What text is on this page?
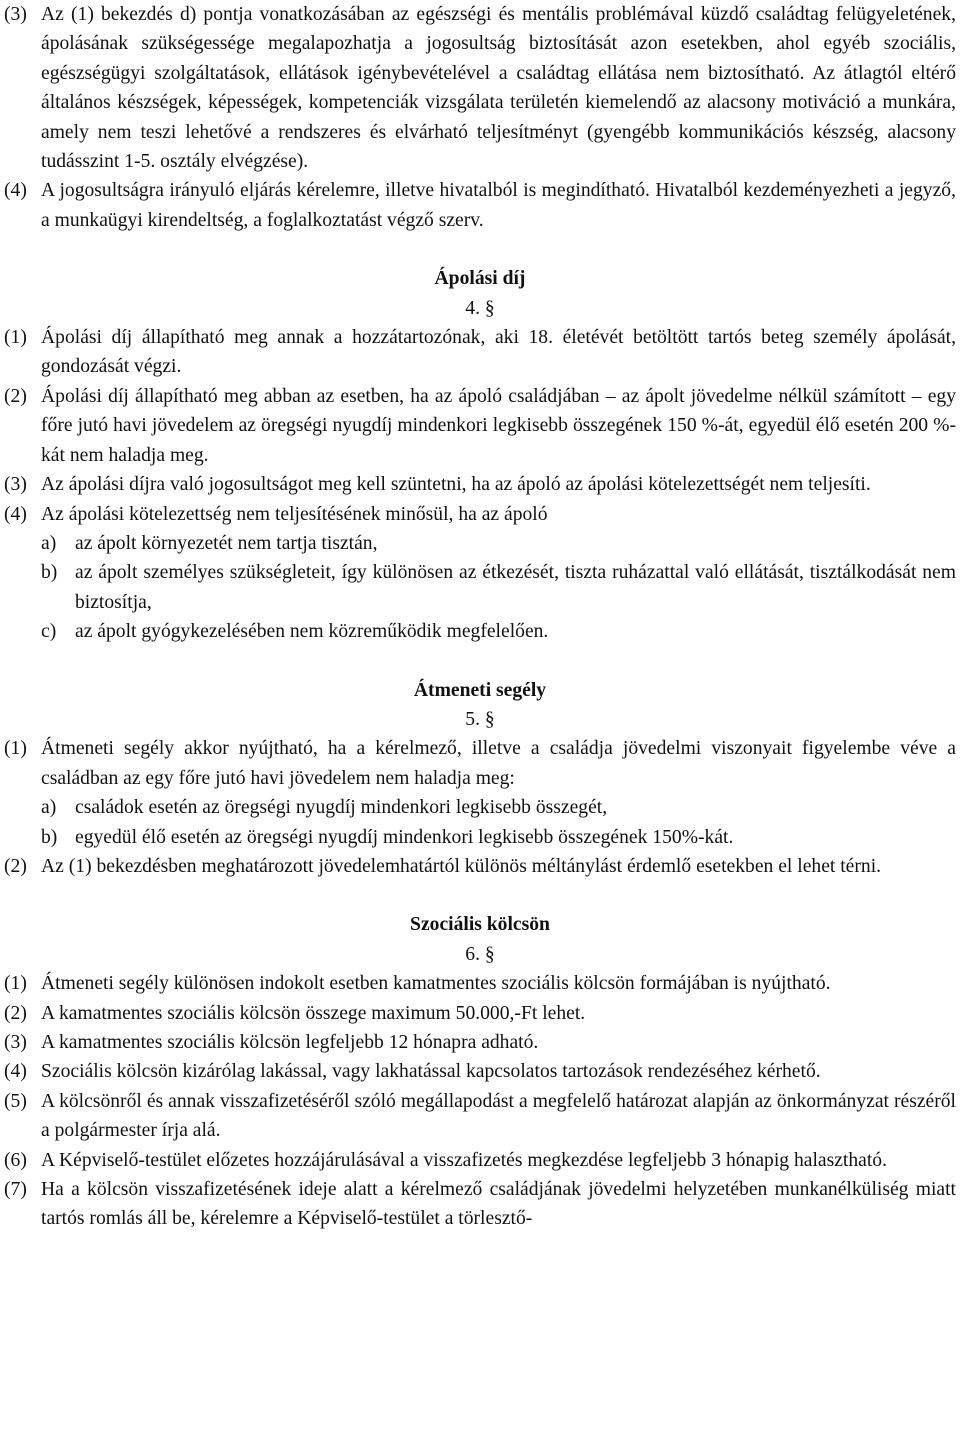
(3) Az (1) bekezdés d) pontja vonatkozásában az egészségi és mentális problémával küzdő családtag felügyeletének, ápolásának szükségessége megalapozhatja a jogosultság biztosítását azon esetekben, ahol egyéb szociális, egészségügyi szolgáltatások, ellátások igénybevételével a családtag ellátása nem biztosítható. Az átlagtól eltérő általános készségek, képességek, kompetenciák vizsgálata területén kiemelendő az alacsony motiváció a munkára, amely nem teszi lehetővé a rendszeres és elvárható teljesítményt (gyengébb kommunikációs készség, alacsony tudásszint 1-5. osztály elvégzése).
(4) A jogosultságra irányuló eljárás kérelemre, illetve hivatalból is megindítható. Hivatalból kezdeményezheti a jegyző, a munkaügyi kirendeltség, a foglalkoztatást végző szerv.
Ápolási díj
4. §
(1) Ápolási díj állapítható meg annak a hozzátartozónak, aki 18. életévét betöltött tartós beteg személy ápolását, gondozását végzi.
(2) Ápolási díj állapítható meg abban az esetben, ha az ápoló családjában – az ápolt jövedelme nélkül számított – egy főre jutó havi jövedelem az öregségi nyugdíj mindenkori legkisebb összegének 150 %-át, egyedül élő esetén 200 %-kát nem haladja meg.
(3) Az ápolási díjra való jogosultságot meg kell szüntetni, ha az ápoló az ápolási kötelezettségét nem teljesíti.
(4) Az ápolási kötelezettség nem teljesítésének minősül, ha az ápoló
a) az ápolt környezetét nem tartja tisztán,
b) az ápolt személyes szükségleteit, így különösen az étkezését, tiszta ruházattal való ellátását, tisztálkodását nem biztosítja,
c) az ápolt gyógykezelésében nem közreműködik megfelelően.
Átmeneti segély
5. §
(1) Átmeneti segély akkor nyújtható, ha a kérelmező, illetve a családja jövedelmi viszonyait figyelembe véve a családban az egy főre jutó havi jövedelem nem haladja meg:
a) családok esetén az öregségi nyugdíj mindenkori legkisebb összegét,
b) egyedül élő esetén az öregségi nyugdíj mindenkori legkisebb összegének 150%-kát.
(2) Az (1) bekezdésben meghatározott jövedelemhatártól különös méltánylást érdemlő esetekben el lehet térni.
Szociális kölcsön
6. §
(1) Átmeneti segély különösen indokolt esetben kamatmentes szociális kölcsön formájában is nyújtható.
(2) A kamatmentes szociális kölcsön összege maximum 50.000,-Ft lehet.
(3) A kamatmentes szociális kölcsön legfeljebb 12 hónapra adható.
(4) Szociális kölcsön kizárólag lakással, vagy lakhatással kapcsolatos tartozások rendezéséhez kérhető.
(5) A kölcsönről és annak visszafizetéséről szóló megállapodást a megfelelő határozat alapján az önkormányzat részéről a polgármester írja alá.
(6) A Képviselő-testület előzetes hozzájárulásával a visszafizetés megkezdése legfeljebb 3 hónapig halasztható.
(7) Ha a kölcsön visszafizetésének ideje alatt a kérelmező családjának jövedelmi helyzetében munkanélküliség miatt tartós romlás áll be, kérelemre a Képviselő-testület a törlesztő-
